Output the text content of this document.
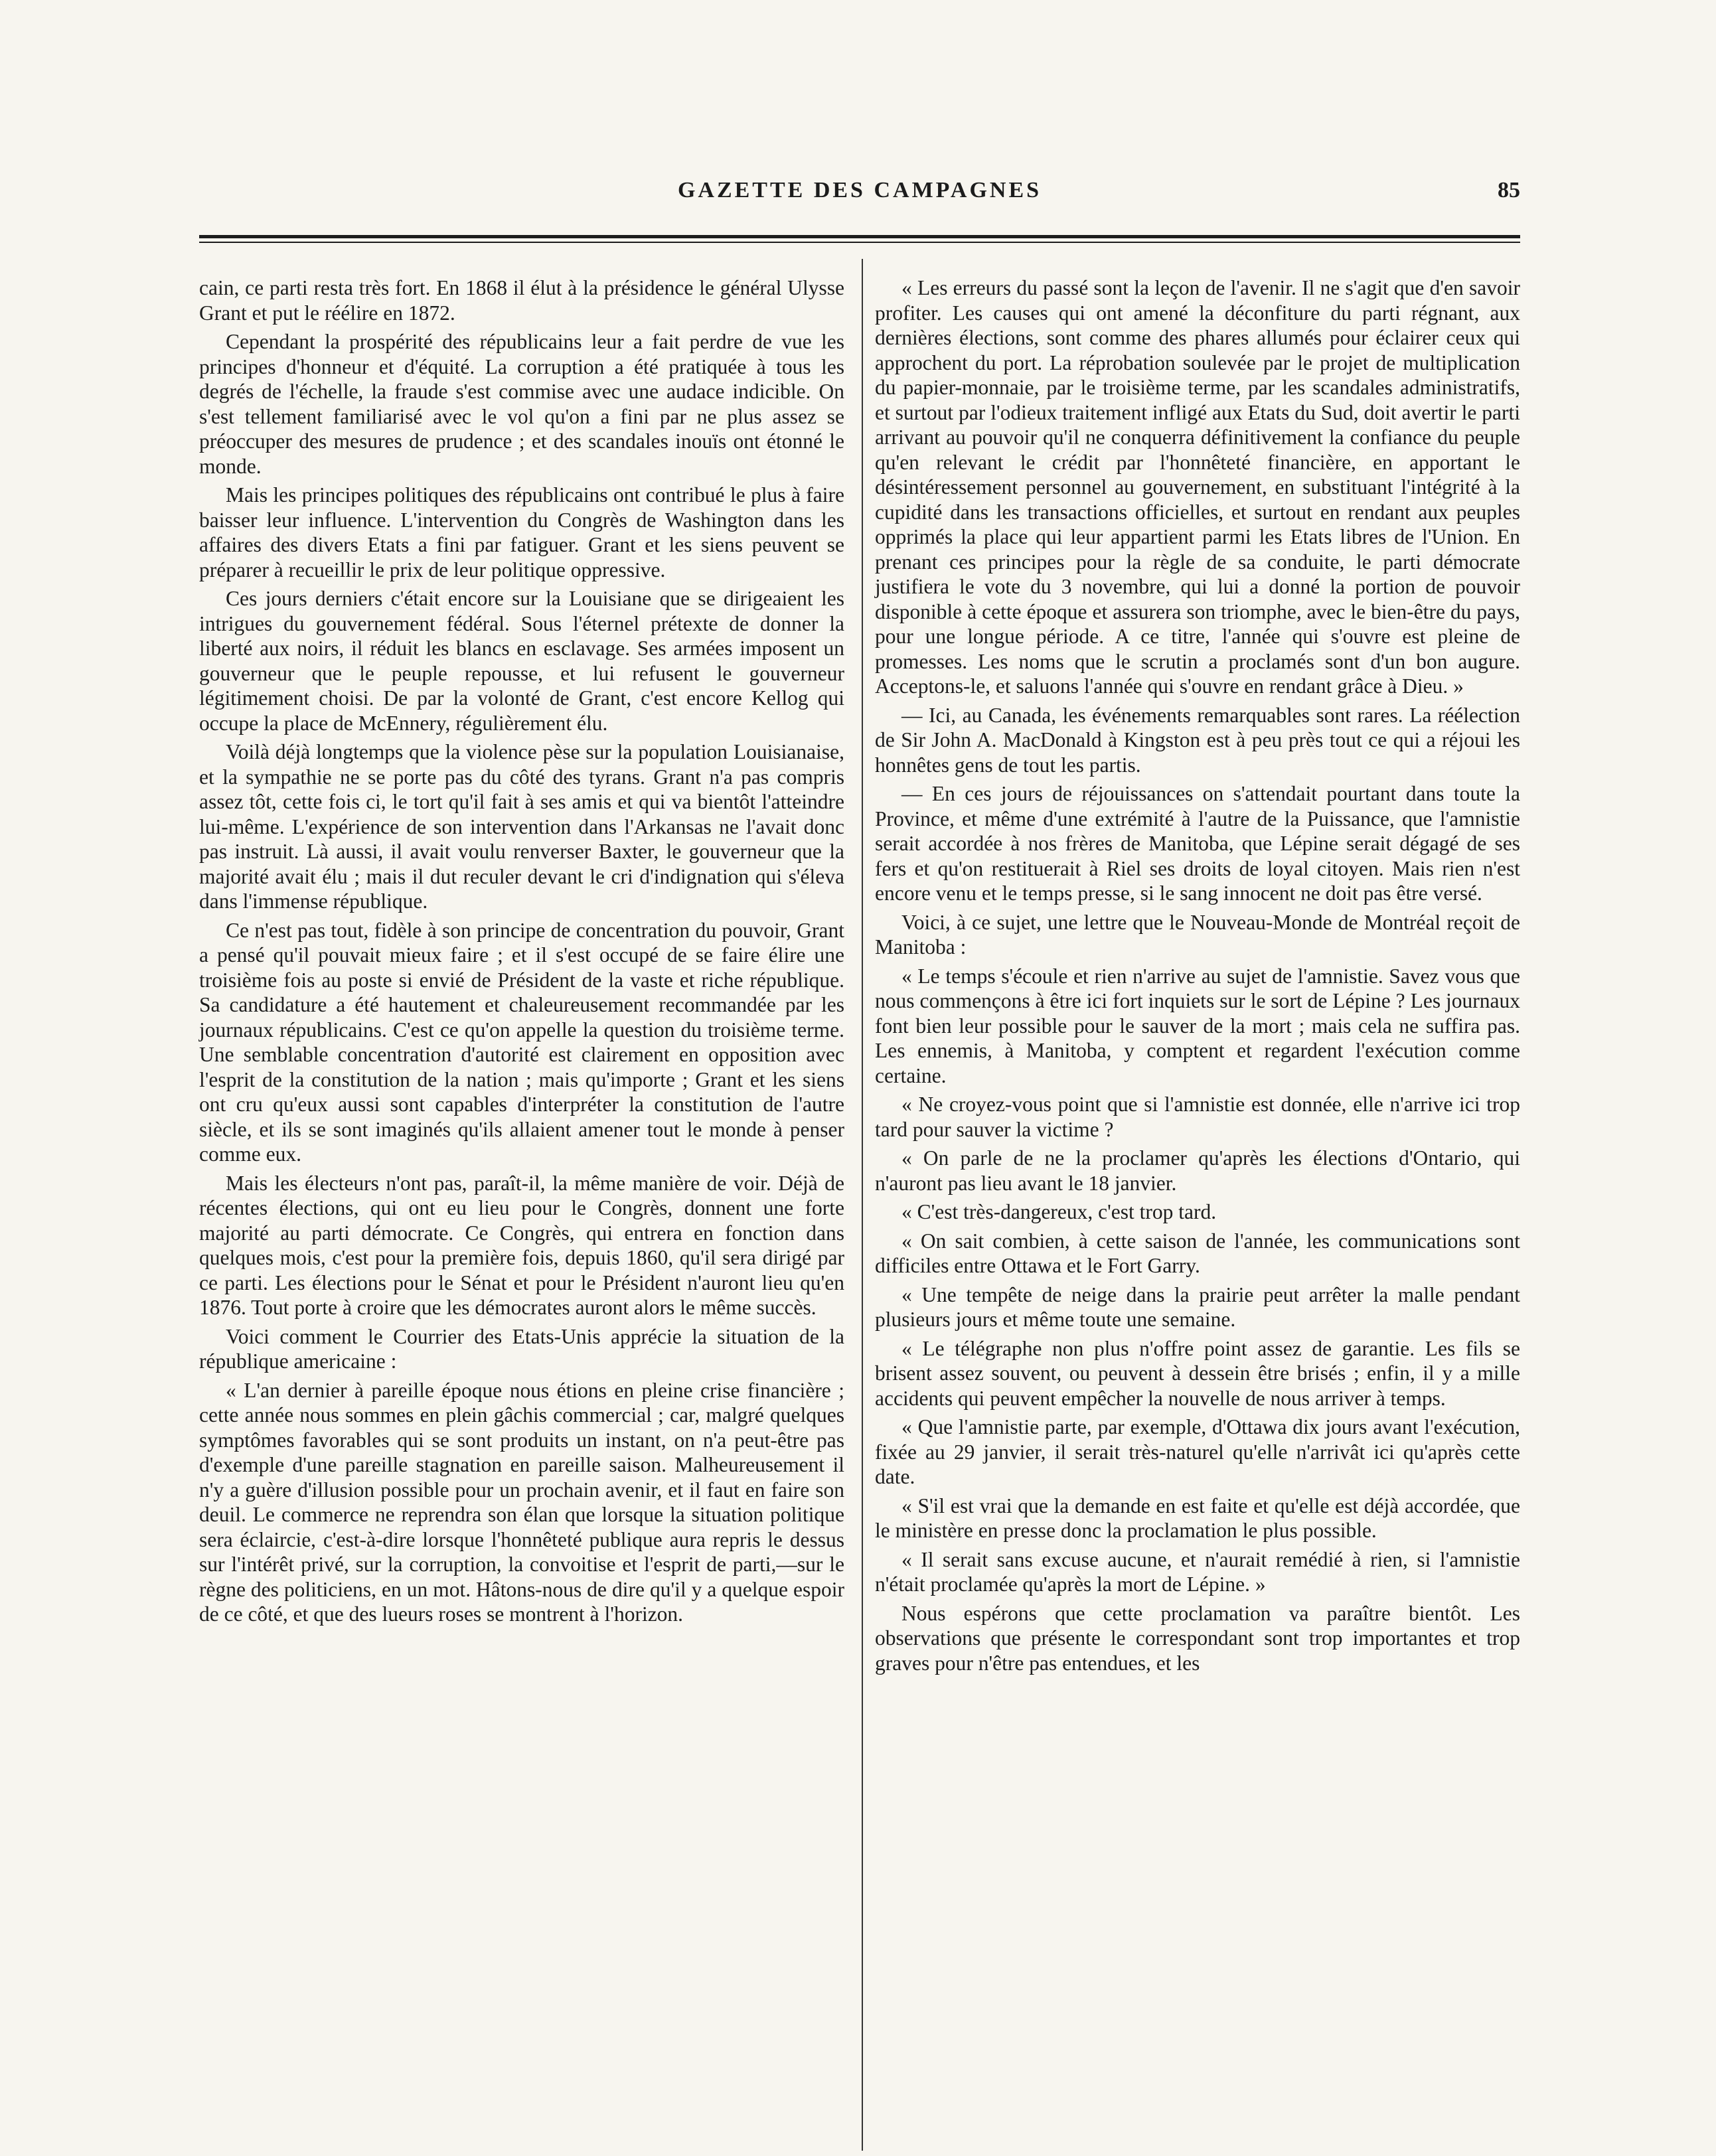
GAZETTE DES CAMPAGNES	85

cain, ce parti resta très fort. En 1868 il élut à la présidence le général Ulysse Grant et put le réélire en 1872.

Cependant la prospérité des républicains leur a fait perdre de vue les principes d'honneur et d'équité. La corruption a été pratiquée à tous les degrés de l'échelle, la fraude s'est commise avec une audace indicible. On s'est tellement familiarisé avec le vol qu'on a fini par ne plus assez se préoccuper des mesures de prudence ; et des scandales inouïs ont étonné le monde.

Mais les principes politiques des républicains ont contribué le plus à faire baisser leur influence. L'intervention du Congrès de Washington dans les affaires des divers Etats a fini par fatiguer. Grant et les siens peuvent se préparer à recueillir le prix de leur politique oppressive.

Ces jours derniers c'était encore sur la Louisiane que se dirigeaient les intrigues du gouvernement fédéral. Sous l'éternel prétexte de donner la liberté aux noirs, il réduit les blancs en esclavage. Ses armées imposent un gouverneur que le peuple repousse, et lui refusent le gouverneur légitimement choisi. De par la volonté de Grant, c'est encore Kellog qui occupe la place de McEnnery, régulièrement élu.

Voilà déjà longtemps que la violence pèse sur la population Louisianaise, et la sympathie ne se porte pas du côté des tyrans. Grant n'a pas compris assez tôt, cette fois ci, le tort qu'il fait à ses amis et qui va bientôt l'atteindre lui-même. L'expérience de son intervention dans l'Arkansas ne l'avait donc pas instruit. Là aussi, il avait voulu renverser Baxter, le gouverneur que la majorité avait élu ; mais il dut reculer devant le cri d'indignation qui s'éleva dans l'immense république.

Ce n'est pas tout, fidèle à son principe de concentration du pouvoir, Grant a pensé qu'il pouvait mieux faire ; et il s'est occupé de se faire élire une troisième fois au poste si envié de Président de la vaste et riche république. Sa candidature a été hautement et chaleureusement recommandée par les journaux républicains. C'est ce qu'on appelle la question du troisième terme. Une semblable concentration d'autorité est clairement en opposition avec l'esprit de la constitution de la nation ; mais qu'importe ; Grant et les siens ont cru qu'eux aussi sont capables d'interpréter la constitution de l'autre siècle, et ils se sont imaginés qu'ils allaient amener tout le monde à penser comme eux.

Mais les électeurs n'ont pas, paraît-il, la même manière de voir. Déjà de récentes élections, qui ont eu lieu pour le Congrès, donnent une forte majorité au parti démocrate. Ce Congrès, qui entrera en fonction dans quelques mois, c'est pour la première fois, depuis 1860, qu'il sera dirigé par ce parti. Les élections pour le Sénat et pour le Président n'auront lieu qu'en 1876. Tout porte à croire que les démocrates auront alors le même succès.

Voici comment le Courrier des Etats-Unis apprécie la situation de la république americaine :

« L'an dernier à pareille époque nous étions en pleine crise financière ; cette année nous sommes en plein gâchis commercial ; car, malgré quelques symptômes favorables qui se sont produits un instant, on n'a peut-être pas d'exemple d'une pareille stagnation en pareille saison. Malheureusement il n'y a guère d'illusion possible pour un prochain avenir, et il faut en faire son deuil. Le commerce ne reprendra son élan que lorsque la situation politique sera éclaircie, c'est-à-dire lorsque l'honnêteté publique aura repris le dessus sur l'intérêt privé, sur la corruption, la convoitise et l'esprit de parti,—sur le règne des politiciens, en un mot. Hâtons-nous de dire qu'il y a quelque espoir de ce côté, et que des lueurs roses se montrent à l'horizon.

« Les erreurs du passé sont la leçon de l'avenir. Il ne s'agit que d'en savoir profiter. Les causes qui ont amené la déconfiture du parti régnant, aux dernières élections, sont comme des phares allumés pour éclairer ceux qui approchent du port. La réprobation soulevée par le projet de multiplication du papier-monnaie, par le troisième terme, par les scandales administratifs, et surtout par l'odieux traitement infligé aux Etats du Sud, doit avertir le parti arrivant au pouvoir qu'il ne conquerra définitivement la confiance du peuple qu'en relevant le crédit par l'honnêteté financière, en apportant le désintéressement personnel au gouvernement, en substituant l'intégrité à la cupidité dans les transactions officielles, et surtout en rendant aux peuples opprimés la place qui leur appartient parmi les Etats libres de l'Union. En prenant ces principes pour la règle de sa conduite, le parti démocrate justifiera le vote du 3 novembre, qui lui a donné la portion de pouvoir disponible à cette époque et assurera son triomphe, avec le bien-être du pays, pour une longue période. A ce titre, l'année qui s'ouvre est pleine de promesses. Les noms que le scrutin a proclamés sont d'un bon augure. Acceptons-le, et saluons l'année qui s'ouvre en rendant grâce à Dieu. »

— Ici, au Canada, les événements remarquables sont rares. La réélection de Sir John A. MacDonald à Kingston est à peu près tout ce qui a réjoui les honnêtes gens de tout les partis.

— En ces jours de réjouissances on s'attendait pourtant dans toute la Province, et même d'une extrémité à l'autre de la Puissance, que l'amnistie serait accordée à nos frères de Manitoba, que Lépine serait dégagé de ses fers et qu'on restituerait à Riel ses droits de loyal citoyen. Mais rien n'est encore venu et le temps presse, si le sang innocent ne doit pas être versé.

Voici, à ce sujet, une lettre que le Nouveau-Monde de Montréal reçoit de Manitoba :

« Le temps s'écoule et rien n'arrive au sujet de l'amnistie. Savez vous que nous commençons à être ici fort inquiets sur le sort de Lépine ? Les journaux font bien leur possible pour le sauver de la mort ; mais cela ne suffira pas. Les ennemis, à Manitoba, y comptent et regardent l'exécution comme certaine.

« Ne croyez-vous point que si l'amnistie est donnée, elle n'arrive ici trop tard pour sauver la victime ?

« On parle de ne la proclamer qu'après les élections d'Ontario, qui n'auront pas lieu avant le 18 janvier.

« C'est très-dangereux, c'est trop tard.

« On sait combien, à cette saison de l'année, les communications sont difficiles entre Ottawa et le Fort Garry.

« Une tempête de neige dans la prairie peut arrêter la malle pendant plusieurs jours et même toute une semaine.

« Le télégraphe non plus n'offre point assez de garantie. Les fils se brisent assez souvent, ou peuvent à dessein être brisés ; enfin, il y a mille accidents qui peuvent empêcher la nouvelle de nous arriver à temps.

« Que l'amnistie parte, par exemple, d'Ottawa dix jours avant l'exécution, fixée au 29 janvier, il serait très-naturel qu'elle n'arrivât ici qu'après cette date.

« S'il est vrai que la demande en est faite et qu'elle est déjà accordée, que le ministère en presse donc la proclamation le plus possible.

« Il serait sans excuse aucune, et n'aurait remédié à rien, si l'amnistie n'était proclamée qu'après la mort de Lépine. »

Nous espérons que cette proclamation va paraître bientôt. Les observations que présente le correspondant sont trop importantes et trop graves pour n'être pas entendues, et les
